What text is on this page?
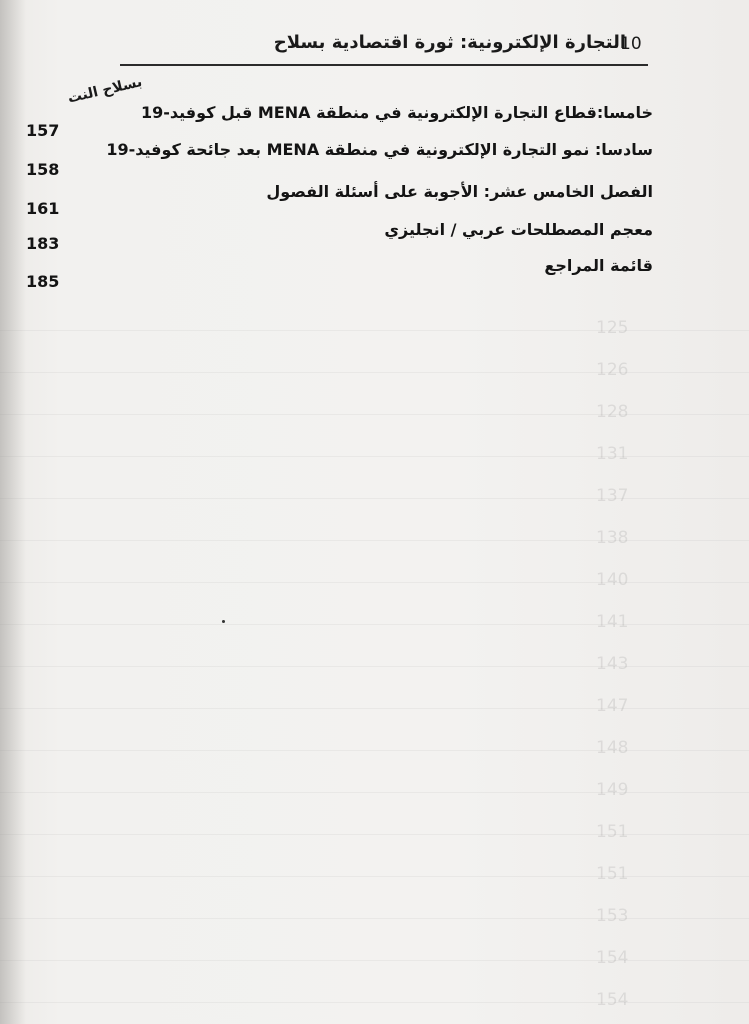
125
126
128
131
137
138
140
141
143
147
148
149
151
151
153
154
154
10
التجارة الإلكترونية: ثورة اقتصادية بسلاح
بسلاح النت
خامسا:قطاع التجارة الإلكترونية في منطقة MENA قبل كوفيد-19
157
سادسا: نمو التجارة الإلكترونية في منطقة MENA بعد جائحة كوفيد-19
158
الفصل الخامس عشر: الأجوبة على أسئلة الفصول
161
معجم المصطلحات عربي / انجليزي
183
قائمة المراجع
185
